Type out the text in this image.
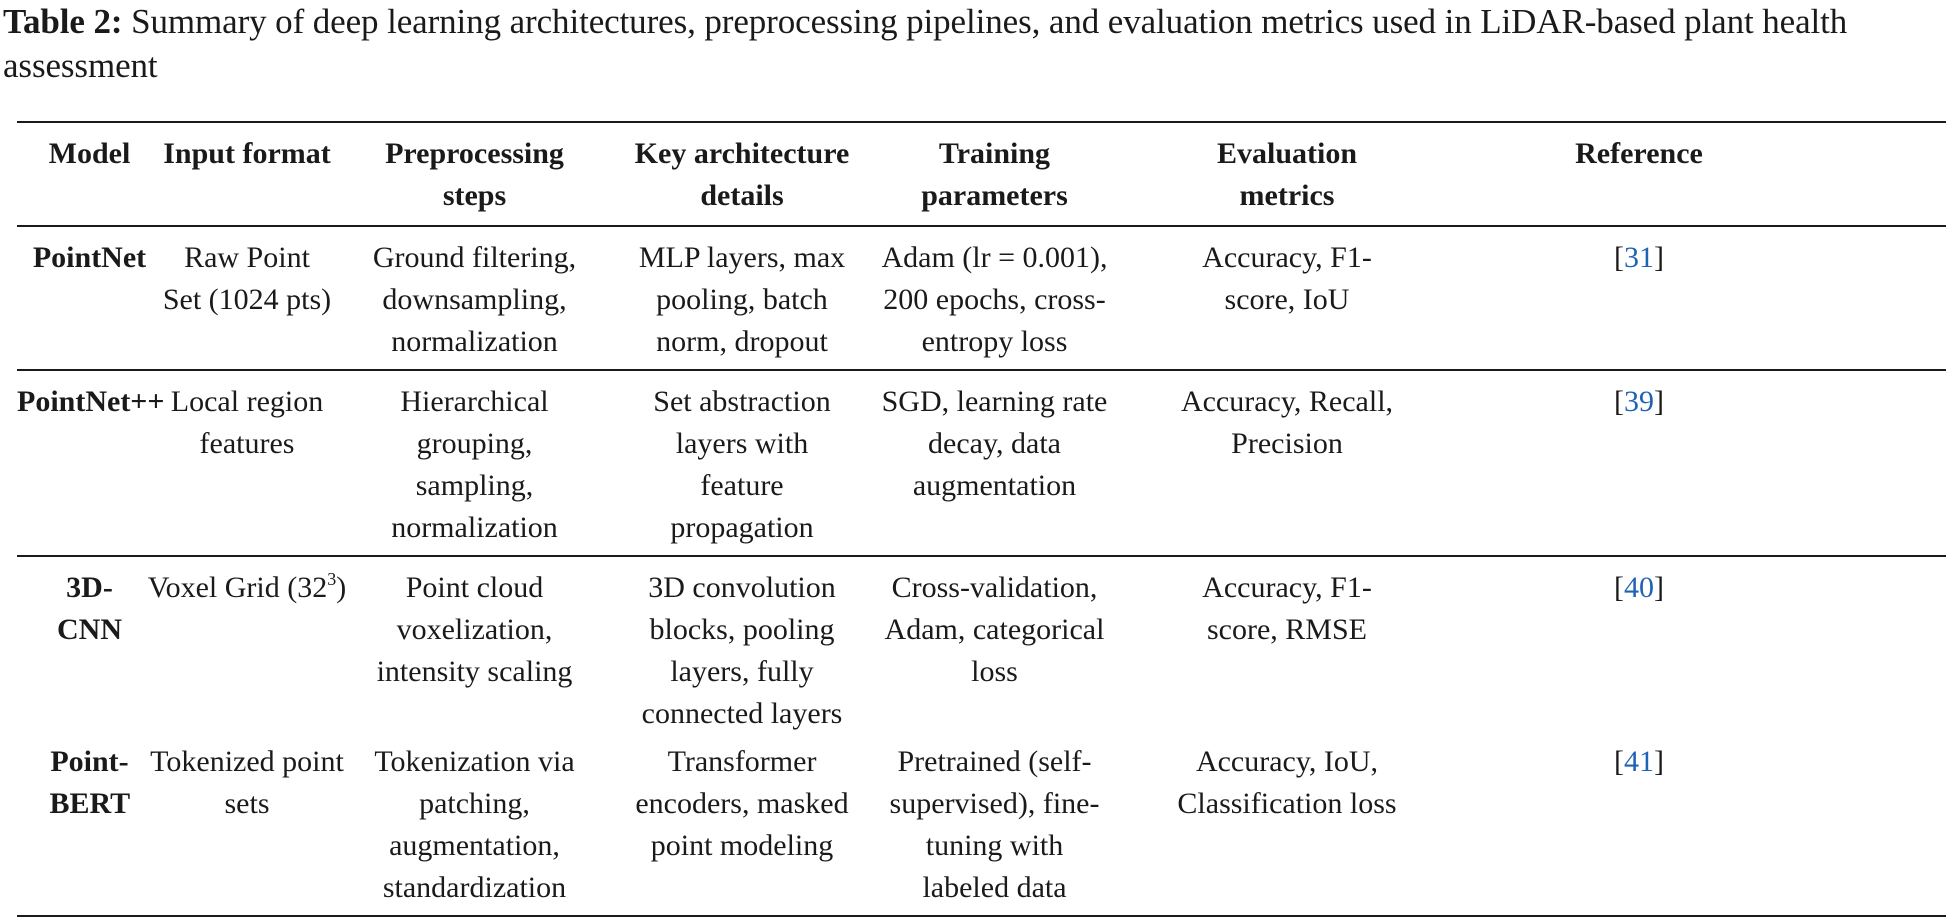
Table 2: Summary of deep learning architectures, preprocessing pipelines, and evaluation metrics used in LiDAR-based plant health assessment
Model	Input format	Preprocessing steps	Key architecture details	Training parameters	Evaluation metrics	Reference

PointNet	Raw Point Set (1024 pts)	Ground filtering, downsampling, normalization	MLP layers, max pooling, batch norm, dropout	Adam (lr = 0.001), 200 epochs, cross-entropy loss	Accuracy, F1-score, IoU	[31]

PointNet++	Local region features	Hierarchical grouping, sampling, normalization	Set abstraction layers with feature propagation	SGD, learning rate decay, data augmentation	Accuracy, Recall, Precision	[39]

3D-CNN	Voxel Grid $(32^3)$	Point cloud voxelization, intensity scaling	3D convolution blocks, pooling layers, fully connected layers	Cross-validation, Adam, categorical loss	Accuracy, F1-score, RMSE	[40]

Point-BERT	Tokenized point sets	Tokenization via patching, augmentation, standardization	Transformer encoders, masked point modeling	Pretrained (self-supervised), fine-tuning with labeled data	Accuracy, IoU, Classification loss	[41]
